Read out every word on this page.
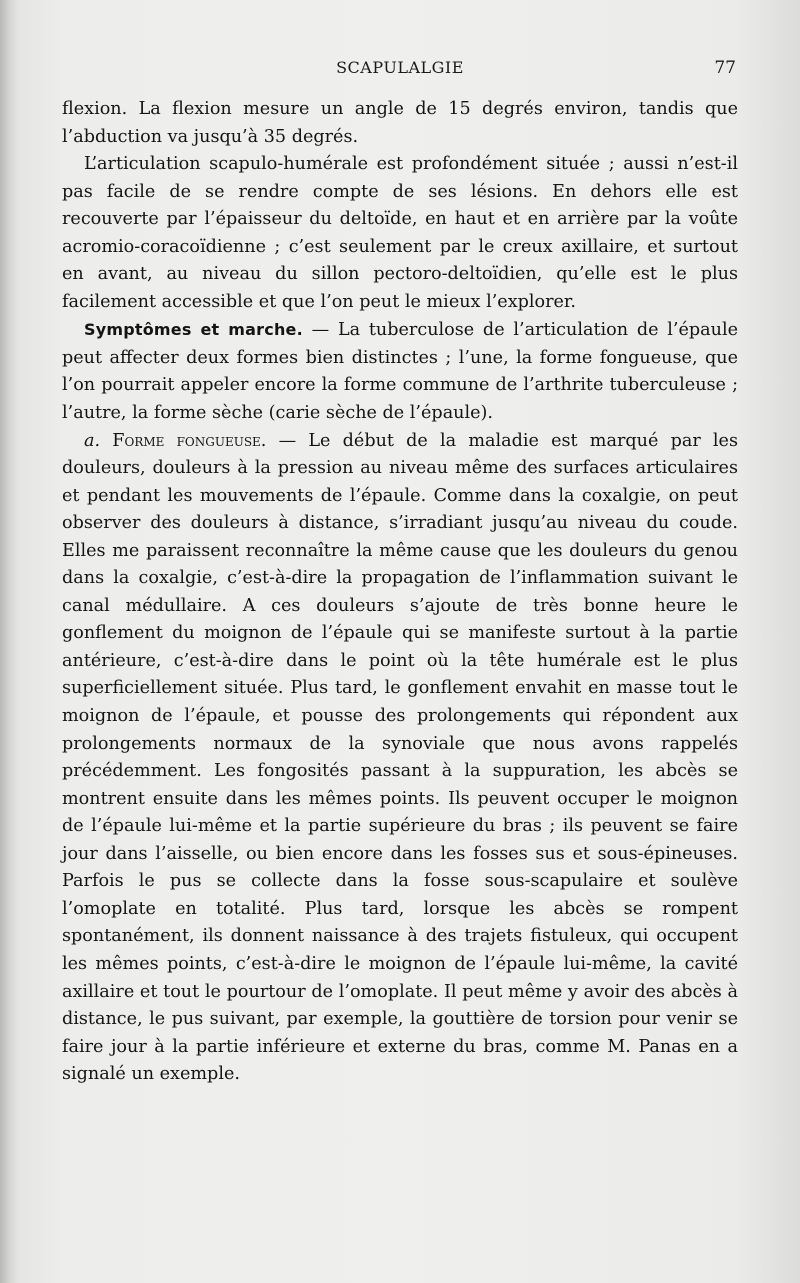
SCAPULALGIE	77

flexion. La flexion mesure un angle de 15 degrés environ, tandis que l’abduction va jusqu’à 35 degrés.

L’articulation scapulo-humérale est profondément située ; aussi n’est-il pas facile de se rendre compte de ses lésions. En dehors elle est recouverte par l’épaisseur du deltoïde, en haut et en arrière par la voûte acromio-coracoïdienne ; c’est seulement par le creux axillaire, et surtout en avant, au niveau du sillon pectoro-deltoïdien, qu’elle est le plus facilement accessible et que l’on peut le mieux l’explorer.

Symptômes et marche. — La tuberculose de l’articulation de l’épaule peut affecter deux formes bien distinctes ; l’une, la forme fongueuse, que l’on pourrait appeler encore la forme commune de l’arthrite tuberculeuse ; l’autre, la forme sèche (carie sèche de l’épaule).

a. Forme fongueuse. — Le début de la maladie est marqué par les douleurs, douleurs à la pression au niveau même des surfaces articulaires et pendant les mouvements de l’épaule. Comme dans la coxalgie, on peut observer des douleurs à distance, s’irradiant jusqu’au niveau du coude. Elles me paraissent reconnaître la même cause que les douleurs du genou dans la coxalgie, c’est-à-dire la propagation de l’inflammation suivant le canal médullaire. A ces douleurs s’ajoute de très bonne heure le gonflement du moignon de l’épaule qui se manifeste surtout à la partie antérieure, c’est-à-dire dans le point où la tête humérale est le plus superficiellement située. Plus tard, le gonflement envahit en masse tout le moignon de l’épaule, et pousse des prolongements qui répondent aux prolongements normaux de la synoviale que nous avons rappelés précédemment. Les fongosités passant à la suppuration, les abcès se montrent ensuite dans les mêmes points. Ils peuvent occuper le moignon de l’épaule lui-même et la partie supérieure du bras ; ils peuvent se faire jour dans l’aisselle, ou bien encore dans les fosses sus et sous-épineuses. Parfois le pus se collecte dans la fosse sous-scapulaire et soulève l’omoplate en totalité. Plus tard, lorsque les abcès se rompent spontanément, ils donnent naissance à des trajets fistuleux, qui occupent les mêmes points, c’est-à-dire le moignon de l’épaule lui-même, la cavité axillaire et tout le pourtour de l’omoplate. Il peut même y avoir des abcès à distance, le pus suivant, par exemple, la gouttière de torsion pour venir se faire jour à la partie inférieure et externe du bras, comme M. Panas en a signalé un exemple.
